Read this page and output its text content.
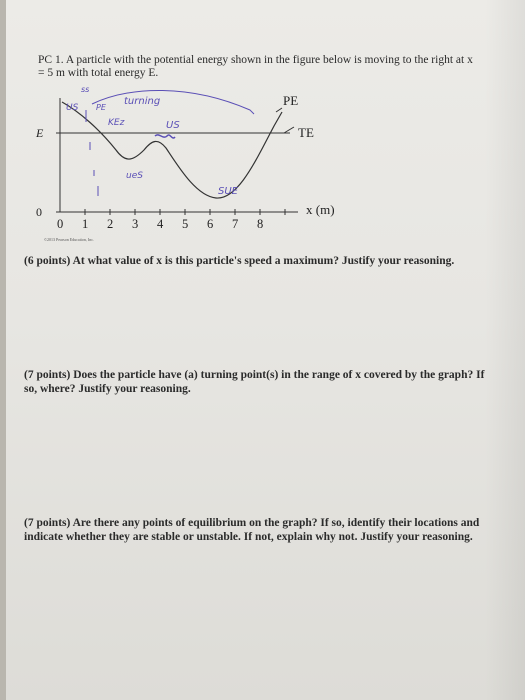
PC 1. A particle with the potential energy shown in the figure below is moving to the right at x = 5 m with total energy E.
E
0
PE
TE
x (m)
0 1 2 3 4 5 6 7 8
US
ss
PE
turning
KEz	US
ueS
SUE
©2013 Pearson Education, Inc.
(6 points) At what value of x is this particle's speed a maximum? Justify your reasoning.
(7 points) Does the particle have (a) turning point(s) in the range of x covered by the graph? If so, where? Justify your reasoning.
(7 points) Are there any points of equilibrium on the graph? If so, identify their locations and indicate whether they are stable or unstable. If not, explain why not. Justify your reasoning.
